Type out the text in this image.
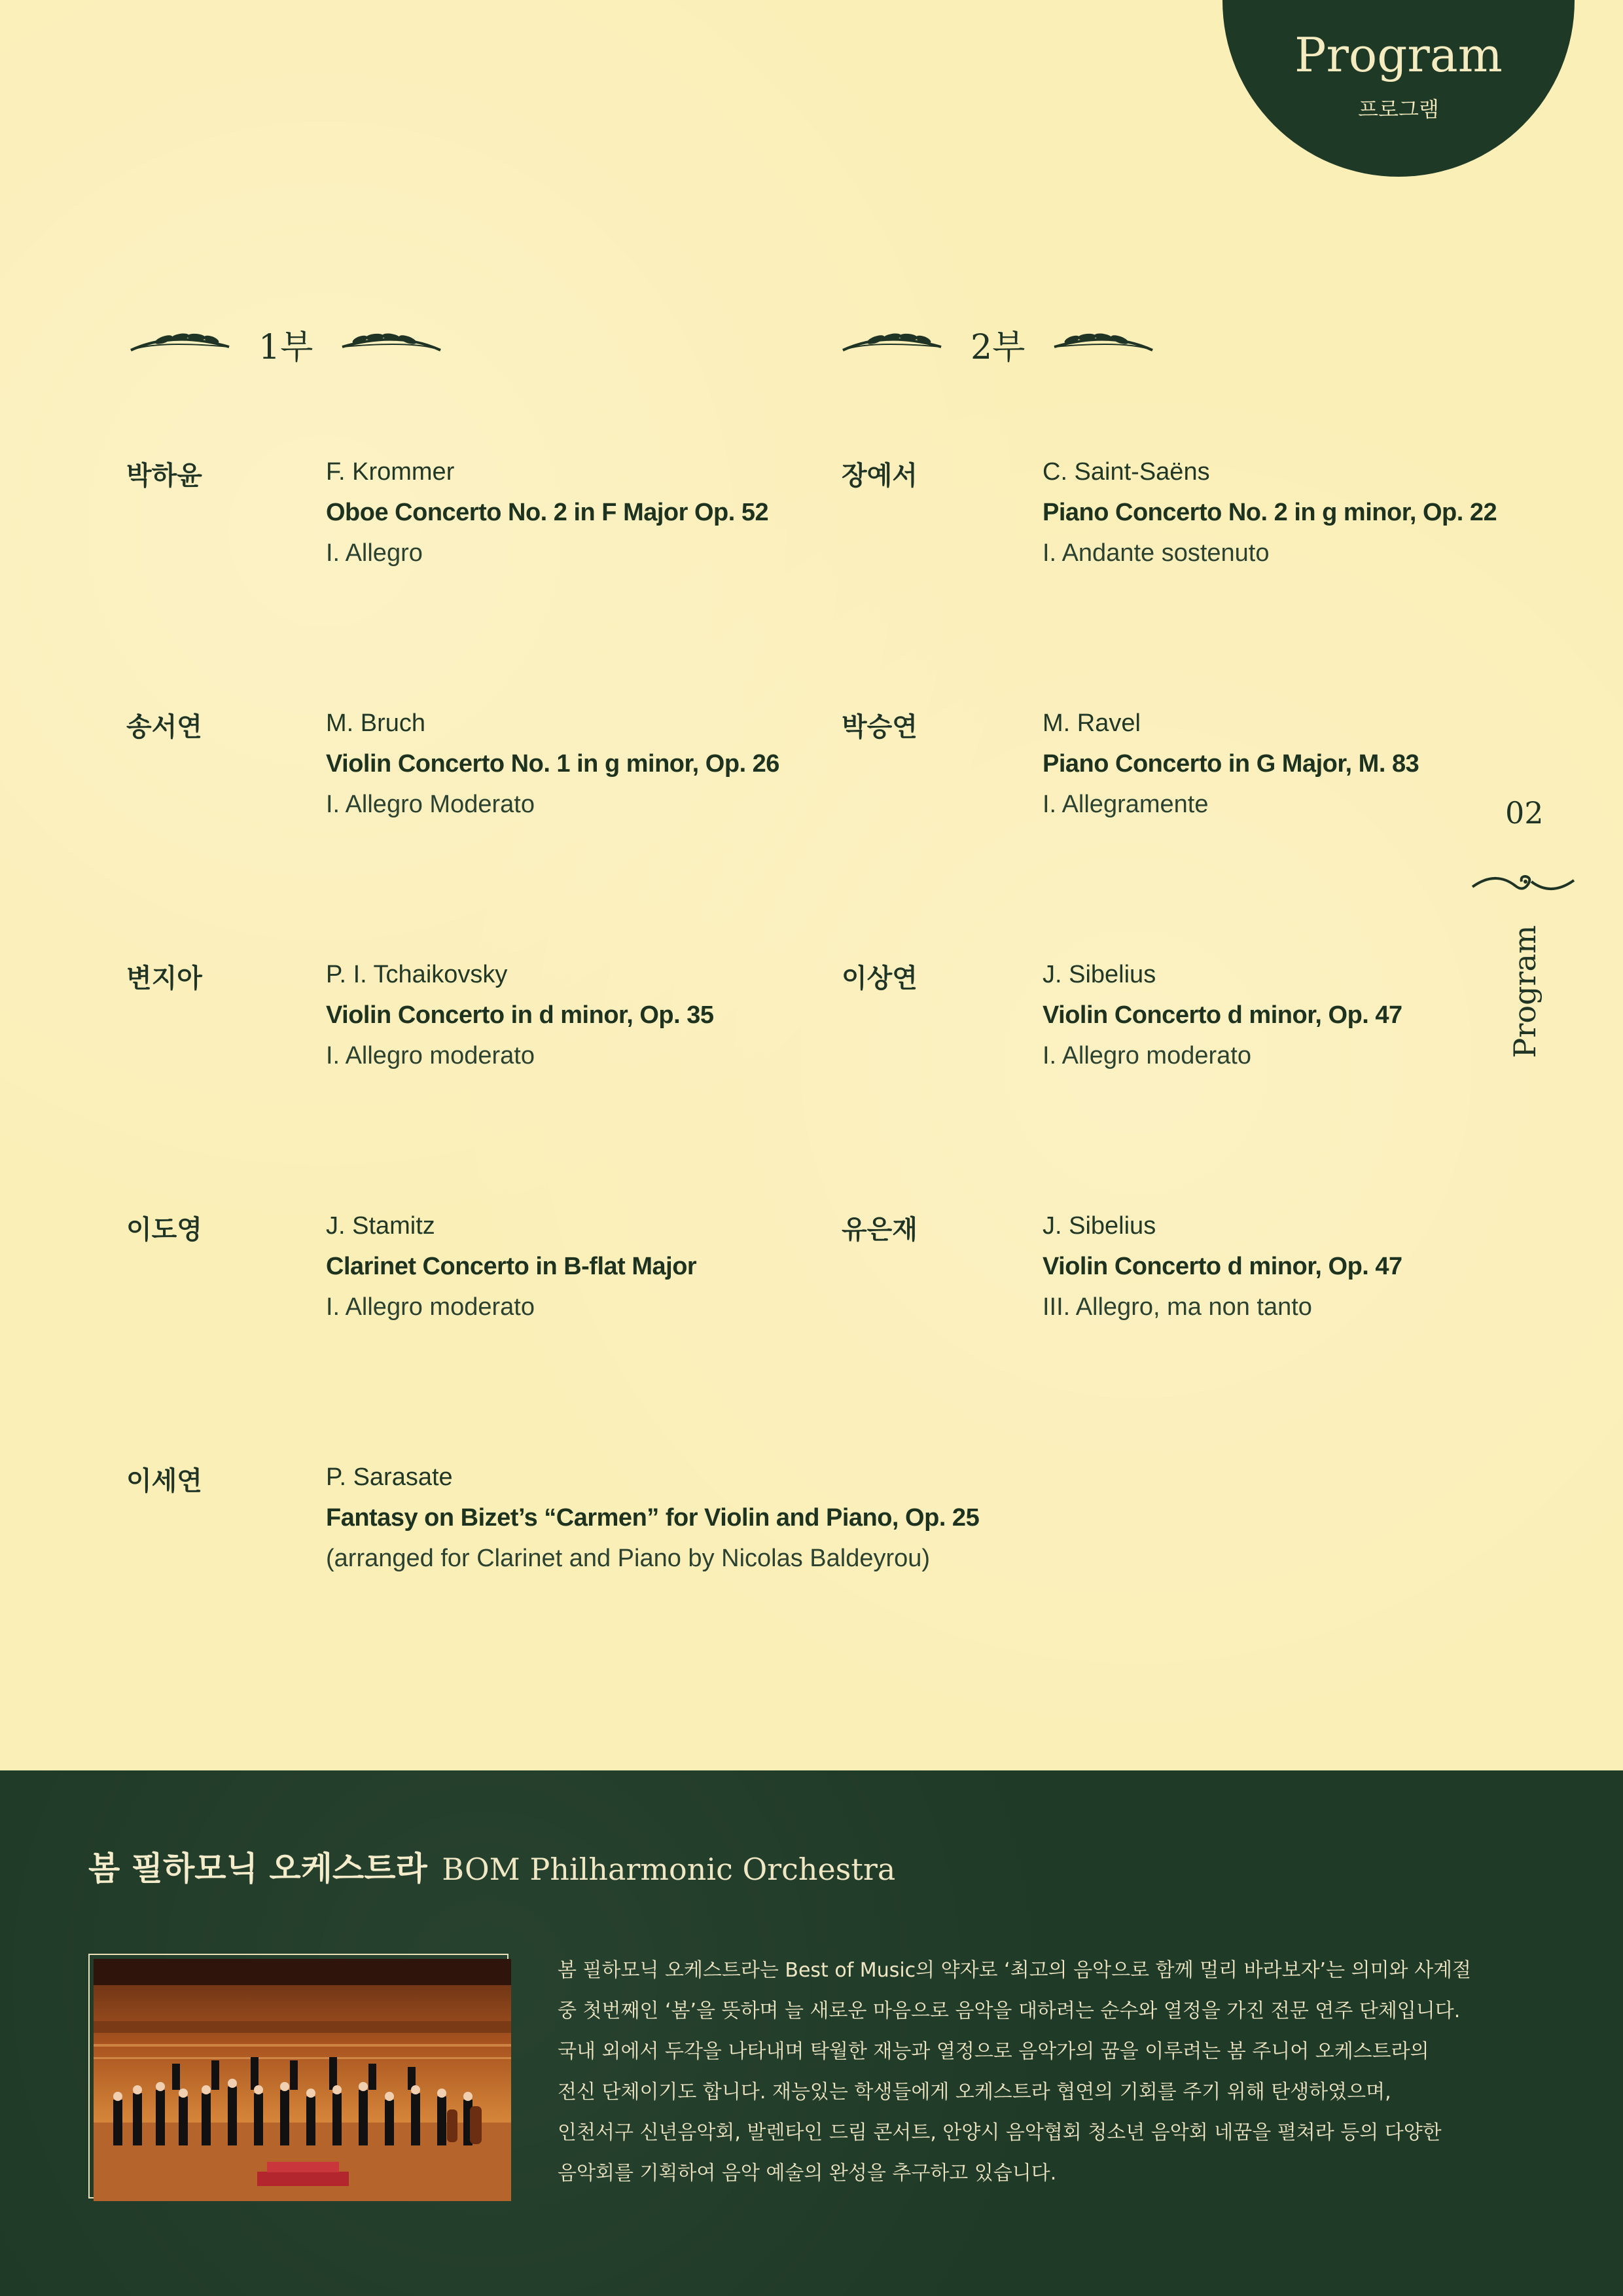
Program
프로그램
1부	2부
박하윤	F. Krommer
Oboe Concerto No. 2 in F Major Op. 52
I. Allegro
송서연	M. Bruch
Violin Concerto No. 1 in g minor, Op. 26
I. Allegro Moderato
변지아	P. I. Tchaikovsky
Violin Concerto in d minor, Op. 35
I. Allegro moderato
이도영	J. Stamitz
Clarinet Concerto in B-flat Major
I. Allegro moderato
이세연	P. Sarasate
Fantasy on Bizet’s “Carmen” for Violin and Piano, Op. 25
(arranged for Clarinet and Piano by Nicolas Baldeyrou)
장예서	C. Saint-Saëns
Piano Concerto No. 2 in g minor, Op. 22
I. Andante sostenuto
박승연	M. Ravel
Piano Concerto in G Major, M. 83
I. Allegramente
이상연	J. Sibelius
Violin Concerto d minor, Op. 47
I. Allegro moderato
유은재	J. Sibelius
Violin Concerto d minor, Op. 47
III. Allegro, ma non tanto
02
Program
봄 필하모닉 오케스트라 BOM Philharmonic Orchestra
봄 필하모닉 오케스트라는 Best of Music의 약자로 ‘최고의 음악으로 함께 멀리 바라보자’는 의미와 사계절
중 첫번째인 ‘봄’을 뜻하며 늘 새로운 마음으로 음악을 대하려는 순수와 열정을 가진 전문 연주 단체입니다.
국내 외에서 두각을 나타내며 탁월한 재능과 열정으로 음악가의 꿈을 이루려는 봄 주니어 오케스트라의
전신 단체이기도 합니다. 재능있는 학생들에게 오케스트라 협연의 기회를 주기 위해 탄생하였으며,
인천서구 신년음악회, 발렌타인 드림 콘서트, 안양시 음악협회 청소년 음악회 네꿈을 펼쳐라 등의 다양한
음악회를 기획하여 음악 예술의 완성을 추구하고 있습니다.
